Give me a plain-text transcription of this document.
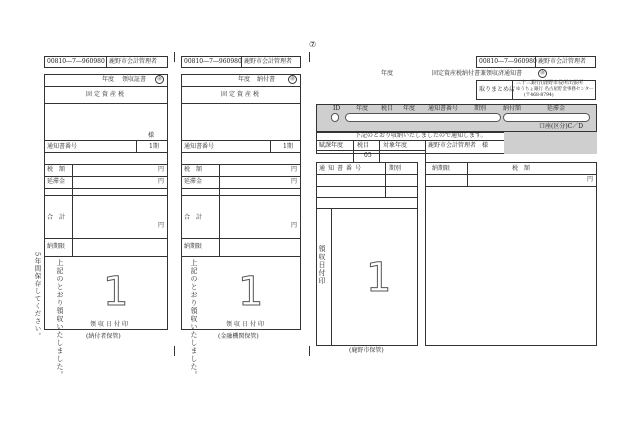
⑦
00810―7―960980 鹿野市会計管理者
年度 領収証書	㊎
固定資産税
様
通知書番号	1期
税　額	円
延滞金	円
合　計
円
納期限
上記のとおり領収いたしました。 1
領収日付印
(納付者保管)
5年間保存してください。
00810―7―960980 鹿野市会計管理者
年度 納付書	㊎
固定資産税
通知書番号	1期
税　額	円
延滞金	円
合　計
円
納期限
上記のとおり領収いたしました。 1
領収日付印
(金融機関保管)
00810―7―960980 鹿野市会計管理者
年度	固定資産税納付書兼領収済通知書	㊎
取りまとめ店
三十三銀行(鹿野市役所出張所
ゆうちょ銀行 名古屋貯金事務センター
(〒468-8794)
ID	年度 税目 年度 通知書番号	期別	納付額	延滞金
下記のとおり収納いたしましたので通知します。
口座(区分)C／D
賦課年度 税目 対象年度	鹿野市会計管理者　様
05
通知書番号	期別
領収日付印 1
納期限	税　額
円
(鹿野市保管)
